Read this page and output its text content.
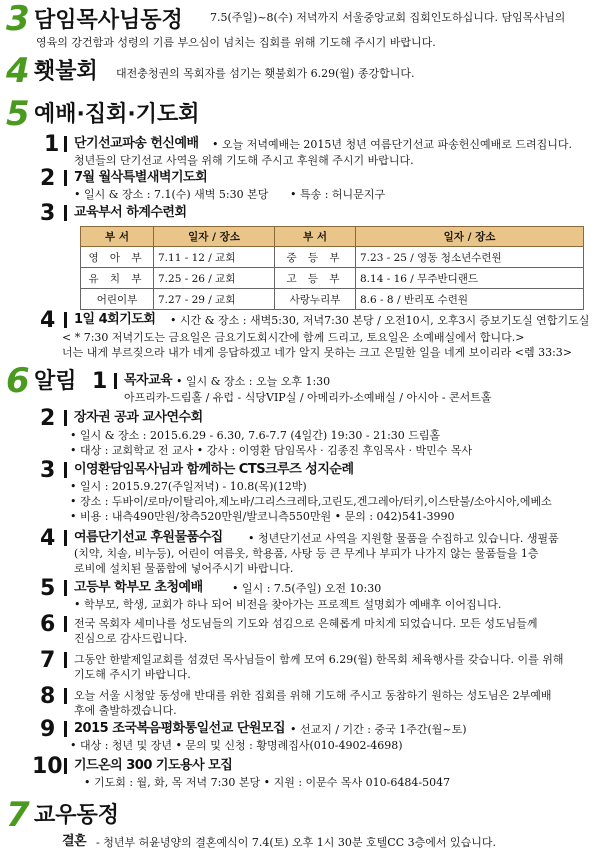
3 담임목사님동정 7.5(주일)~8(수) 저녁까지 서울중앙교회 집회인도하십니다. 담임목사님의
영육의 강건함과 성령의 기름 부으심이 넘치는 집회를 위해 기도해 주시기 바랍니다.
4 횃불회 대전충청권의 목회자를 섬기는 횃불회가 6.29(월) 종강합니다.
5 예배·집회·기도회
1 단기선교파송 헌신예배 • 오늘 저녁예배는 2015년 청년 여름단기선교 파송헌신예배로 드려집니다.
청년들의 단기선교 사역을 위해 기도해 주시고 후원해 주시기 바랍니다.
2 7월 월삭특별새벽기도회
• 일시 & 장소 : 7.1(수) 새벽 5:30 본당 • 특송 : 허니문지구
3 교육부서 하계수련회
부 서	일자 / 장소	부 서	일자 / 장소
영 아 부	7.11 - 12 / 교회	중 등 부	7.23 - 25 / 영동 청소년수련원
유 치 부	7.25 - 26 / 교회	고 등 부	8.14 - 16 / 무주반디랜드
어린이부	7.27 - 29 / 교회	사랑누리부	8.6 - 8 / 반리포 수련원
4 1일 4회기도회 • 시간 & 장소 : 새벽5:30, 저녁7:30 본당 / 오전10시, 오후3시 증보기도실 연합기도실
< * 7:30 저녁기도는 금요일은 금요기도회시간에 함께 드리고, 토요일은 소예배실에서 합니다.>
너는 내게 부르짖으라 내가 네게 응답하겠고 네가 알지 못하는 크고 은밀한 일을 네게 보이리라 <렘 33:3>
6 알림 1 목자교육 • 일시 & 장소 : 오늘 오후 1:30
아프리카-드림홀 / 유럽 - 식당VIP실 / 아메리카-소예배실 / 아시아 - 콘서트홀
2 장자권 공과 교사연수회
• 일시 & 장소 : 2015.6.29 - 6.30, 7.6-7.7 (4일간) 19:30 - 21:30 드림홀
• 대상 : 교회학교 전 교사 • 강사 : 이영환 담임목사 · 김종진 후임목사 · 박민수 목사
3 이영환담임목사님과 함께하는 CTS크루즈 성지순례
• 일시 : 2015.9.27(주일저녁) - 10.8(목)(12박)
• 장소 : 두바이/로마/이탈리아,제노바/그리스크레타,고린도,겐그레아/터키,이스탄불/소아시아,에베소
• 비용 : 내측490만원/창측520만원/발코니측550만원 • 문의 : 042)541-3990
4 여름단기선교 후원물품수집 • 청년단기선교 사역을 지원할 물품을 수집하고 있습니다. 생필품
(치약, 치솔, 비누등), 어린이 여름옷, 학용품, 사탕 등 큰 무게나 부피가 나가지 않는 물품들을 1층
로비에 설치된 물품함에 넣어주시기 바랍니다.
5 고등부 학부모 초청예배	• 일시 : 7.5(주일) 오전 10:30
• 학부모, 학생, 교회가 하나 되어 비전을 찾아가는 프로젝트 설명회가 예배후 이어집니다.
6 전국 목회자 세미나를 성도님들의 기도와 섬김으로 은혜롭게 마치게 되었습니다. 모든 성도님들께
진심으로 감사드립니다.
7 그동안 한밭제일교회를 섬겼던 목사님들이 함께 모여 6.29(월) 한목회 체육행사를 갖습니다. 이를 위해
기도해 주시기 바랍니다.
8 오늘 서울 시청앞 동성애 반대를 위한 집회를 위해 기도해 주시고 동참하기 원하는 성도님은 2부예배
후에 출발하겠습니다.
9 2015 조국복음평화통일선교 단원모집 • 선교지 / 기간 : 중국 1주간(월~토)
• 대상 : 청년 및 장년 • 문의 및 신청 : 황명례집사(010-4902-4698)
10 기드온의 300 기도용사 모집
• 기도회 : 월, 화, 목 저녁 7:30 본당 • 지원 : 이문수 목사 010-6484-5047
7 교우동정
결혼 - 청년부 허윤녕양의 결혼예식이 7.4(토) 오후 1시 30분 호텔CC 3층에서 있습니다.
